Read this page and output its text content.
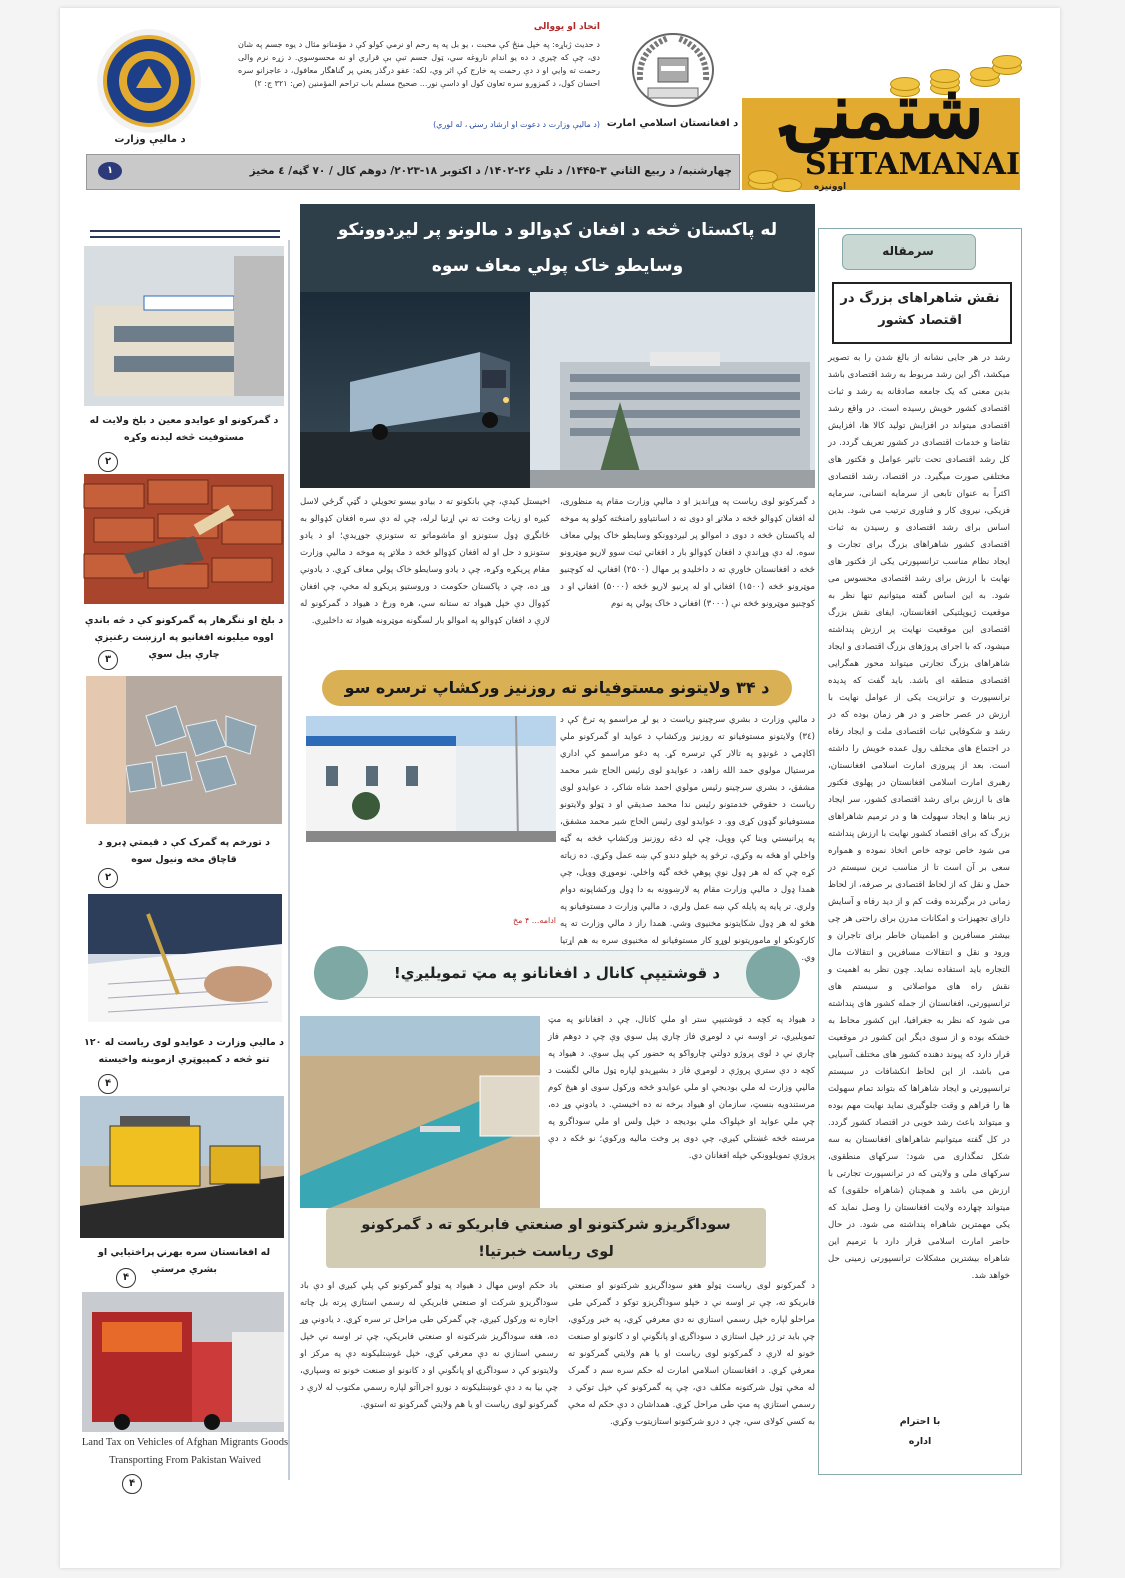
شتمنۍ
SHTAMANAI
اوونیزه
د افغانستان اسلامي امارت
اتحاد او یووالی
د حدیث ژباړه: په خپل منځ کې محبت ، یو بل په په رحم او نرمي کولو کې د مؤمنانو مثال د یوه جسم په شان دی، چې که چیري د ده یو اندام ناروغه سي، ټول جسم تبې بې قراري او نه محسوسوي. د زړه نرم والی رحمت ته وایي او د دې رحمت په خارج کې اثر وي، لکه: عفو درگذر یعني پر گناهگار معافول، د عاجزانو سره احسان کول، د کمزورو سره تعاون کول او داسې نور... صحیح مسلم باب تراحم المؤمنین (ص: ۳۲۱ ج: ۲)
(د مالیې وزارت د دعوت او ارشاد رسنۍ ، له لوري)
د مالیې وزارت
چهارشنبه/ د ربیع الثاني ۳-۱۴۴۵/ د تلې ۲۶-۱۴۰۲/ د اکتوبر ۱۸-۲۰۲۳/ دوهم کال / ۷۰ گڼه/ ٤ مخیز
۱
سرمقاله
نقش شاهراهای بزرگ در اقتصاد کشور
رشد در هر جایی نشانه از بالغ شدن را به تصویر میکشد، اگر این رشد مربوط به رشد اقتصادی باشد بدین معنی که یک جامعه صادقانه به رشد و ثبات اقتصادی کشور خویش رسیده است. در واقع رشد اقتصادی میتواند در افزایش تولید کالا ها، افزایش تقاضا و خدمات اقتصادی در کشور تعریف گردد. در کل رشد اقتصادی تحت تاثیر عوامل و فکتور های مختلفی صورت میگیرد. در اقتصاد، رشد اقتصادی اکثراً به عنوان تابعی از سرمایه انسانی، سرمایه فزیکی، نیروی کار و فناوری ترتیب می شود. بدین اساس برای رشد اقتصادی و رسیدن به ثبات اقتصادی کشور شاهراهای بزرگ برای تجارت و ایجاد نظام مناسب ترانسپورتی یکی از فکتور های نهایت با ارزش برای رشد اقتصادی محسوس می شود. به این اساس گفته میتوانیم تنها نظر به موقعیت ژیوپلتیکی افغانستان، ایفای نقش بزرگ اقتصادی این موقعیت نهایت پر ارزش پنداشته میشود، که با اجرای پروژهای بزرگ اقتصادی و ایجاد شاهراهای بزرگ تجارتی میتواند محور همگرایی اقتصادی منطقه ای باشد. باید گفت که پدیده ترانسپورت و ترانزیت یکی از عوامل نهایت با ارزش در عصر حاضر و در هر زمان بوده که در رشد و شکوفایی ثبات اقتصادی ملت و ایجاد رفاه در اجتماع های مختلف رول عمده خویش را داشته است. بعد از پیروزی امارت اسلامی افغانستان، رهبری امارت اسلامی افغانستان در پهلوی فکتور های با ارزش برای رشد اقتصادی کشور، سر ایجاد زیر بناها و ایجاد سهولت ها و در ترمیم شاهراهای بزرگ که برای اقتصاد کشور نهایت با ارزش پنداشته می شود خاص توجه خاص اتخاذ نموده و همواره سعی بر آن است تا از مناسب ترین سیستم در حمل و نقل که از لحاظ اقتصادی بر صرفه، از لحاظ زمانی در برگیرنده وقت کم و از دید رفاه و آسایش دارای تجهیزات و امکانات مدرن برای راحتی هر چی بیشتر مسافرین و اطمینان خاطر برای تاجران و ورود و نقل و انتقالات مسافرین و انتقالات مال التجاره باید استفاده نماید. چون نظر به اهمیت و نقش راه های مواصلاتی و سیستم های ترانسپورتی، افغانستان از جمله کشور های پنداشته می شود که نظر به جغرافیا، این کشور محاط به خشکه بوده و از سوی دیگر این کشور در موقعیت قرار دارد که پیوند دهنده کشور های مختلف آسیایی می باشد، از این لحاظ انکشافات در سیستم ترانسپورتی و ایجاد شاهراها که بتواند تمام سهولت ها را فراهم و وقت جلوگیری نماید نهایت مهم بوده و میتواند باعث رشد خوبی در اقتصاد کشور گردد. در کل گفته میتوانیم شاهراهای افغانستان به سه شکل تمگذاری می شود: سرکهای منطقوی، سرکهای ملی و ولایتی که در ترانسپورت تجارتی با ارزش می باشد و همچنان (شاهراه حلقوی) که میتواند چهارده ولایت افغانستان را وصل نماید که یکی مهمترین شاهراه پنداشته می شود. در حال حاضر امارت اسلامی قرار دارد با ترمیم این شاهراه بیشترین مشکلات ترانسپورتی زمینی حل خواهد شد.
با احترام
اداره
له پاکستان څخه د افغان کډوالو د مالونو پر لیږدوونکو وسایطو خاک پولي معاف سوه
د گمرکونو لوی ریاست په وړاندیز او د مالیې وزارت مقام په منظوری، له افغان کډوالو څخه د ملاتړ او دوی ته د اسانتیاوو رامنځته کولو په موخه له پاکستان څخه د دوی د اموالو پر لیږدوونکو وسایطو خاک پولي معاف سوه. له دې وړاندې د افغان کډوالو بار د افغاني ثبت سوو لاریو موټرونو څخه د افغانستان خاورې ته د داخلیدو پر مهال (۲۵۰۰) افغانۍ، له کوچنیو موټرونو څخه (۱۵۰۰) افغانۍ او له پرنیو لاریو څخه (۵۰۰۰) افغانۍ او د کوچنیو موټرونو څخه نې (۳۰۰۰) افغانۍ د خاک پولي په نوم
اخیستل کیدې، چې بانکونو ته د بیادو بیسو تحویلي د گټې گرځي لاسل کیږه او زیات وخت ته نې اړتیا لرله، چې له دې سره افغان کډوالو به ځانگړي ډول ستونزو او ماشوماتو ته ستونزې جوړیدې؛ او د یادو ستونزو د حل او له افغان کډوالو څخه د ملاتړ په موخه د مالیې وزارت مقام پریکړه وکړه، چې د یادو وسایطو خاک پولي معاف کړي. د یادونې وړ ده، چې د پاکستان حکومت د وروستیو پریکړو له مخې، چې افغان کډوال دې خپل هیواد ته ستانه سي، هره ورځ د هیواد د گمرکونو له لارې د افغان کډوالو په اموالو بار لسگونه موټرونه هیواد ته داخلیږي.
د ۳۴ ولایتونو مستوفیانو ته روزنیز ورکشاپ ترسره سو
د مالیې وزارت د بشري سرچینو ریاست د یو لړ مراسمو په ترڅ کې د (۳٤) ولایتونو مستوفیانو ته روزنیز ورکشاپ د عواید او گمرکونو ملي اکاډمۍ د غونډو په تالار کې ترسره کړ. په دغو مراسمو کې اداري مرستیال مولوي حمد الله زاهد، د عوایدو لوی رئیس الحاج شیر محمد مشفق، د بشري سرچینو رئیس مولوي احمد شاه شاکر، د عوایدو لوی ریاست د حقوقي خدمتونو رئیس ندا محمد صدیقي او د ټولو ولایتونو مستوفیانو گډون کړی وو. د عوایدو لوی رئیس الحاج شیر محمد مشفق، په پرانیستي وینا کې وویل، چې له دغه روزنیز ورکشاپ څخه به گټه واخلي او هڅه به وکړي، ترڅو په خپلو دندو کې ښه عمل وکړي. ده زیاته کړه چې که له هر ډول نوې پوهې څخه گټه واخلي. نوموړي وویل، چې همدا ډول د مالیې وزارت مقام په لارښوونه به دا ډول ورکشاپونه دوام ولري. تر پایه په پایله کې ښه عمل ولري، د مالیې وزارت د مستوفیانو په هڅو له هر ډول شکایتونو مخنیوی وشي. همدا راز د مالي وزارت ته په کارکونکو او ماموریتونو لوړو کار مستوفیانو له مخنیوی سره به هم اړتیا وي.
ادامه... ۴ مخ
د قوشتیپې کانال د افغانانو په مټ تمویلیږي!
د هیواد په کچه د قوشتیپې ستر او ملي کانال، چې د افغانانو په مټ تمویلیږي، تر اوسه نې د لومړي فاز چاري پیل سوي وې چې د دوهم فاز چاري نې د لوی پروژو دولتي چارواکو په حضور کې پیل سوې. د هیواد په کچه د دې ستري پروژې د لومړي فاز د بشپړیدو لپاره ټول مالي لگښت د مالیې وزارت له ملي بودیجې او ملي عوایدو څخه ورکول سوی او هیڅ کوم مرستندویه بنسټ، سازمان او هیواد برخه نه ده اخیستې. د یادونې وړ ده، چې ملي عواید او خپلواک ملي بودیجه د خپل ولس او ملي سوداگرو په مرسته څخه غښتلي کیږي، چې دوی پر وخت مالیه ورکوي؛ نو څکه د دې پروژې تمویلوونکي خپله افغانان دي.
سوداگریزو شرکتونو او صنعتي فابریکو ته د گمرکونو لوی ریاست خبرتیا!
د گمرکونو لوی ریاست ټولو هغو سوداگریزو شرکتونو او صنعتي فابریکو ته، چې تر اوسه نې د خپلو سوداگریزو توکو د گمرکي طی مراحلو لپاره خپل رسمي استازي نه دي معرفي کړي، په خبر ورکوي، چې بايد تر ژر خپل استازي د سوداگرۍ او پانگونې او د کانونو او صنعت خونو له لارې د گمرکونو لوی ریاست او یا هم ولایتي گمرکونو ته معرفي کړي. د افغانستان اسلامي امارت له حکم سره سم د گمرک له مخې ټول شرکتونه مکلف دي، چې په گمرکونو کې خپل توکي د رسمي استازي په مټ طی مراحل کړي. همداشان د دې حکم له مخې به کسي کولای سي، چې د درو شرکتونو استازیتوب وکړي.
باد حکم اوس مهال د هیواد په ټولو گمرکونو کې پلي کیږي او دې باد سوداگریزو شرکت او صنعتي فابریکې له رسمي استازي پرته بل چاته اجازه نه ورکول کیږي، چې گمرکي طی مراحل تر سره کړي. د یادونې وړ ده، هغه سوداگریز شرکتونه او صنعتي فابریکې، چې تر اوسه نې خپل رسمي استازي نه دې معرفي کړي، خپل غوښتلیکونه دې په مرکز او ولایتونو کې د سوداگرۍ او پانگونې او د کانونو او صنعت خونو ته وسپاري، چې بیا به د دې غوښتلیکونه د نورو اجراآتو لپاره رسمي مکتوب له لارې د گمرکونو لوی ریاست او یا هم ولایتي گمرکونو ته استوي.
د گمرکونو او عوایدو معین د بلخ ولایت له مستوفیت څخه لیدنه وکړه
۲
د بلخ او ننگرهار په گمرکونو کې د څه باندې اووه میلیونه افغانیو په ارزښت رغنیزې چارې پیل سوې
۳
د تورخم په گمرک کې د قیمتي ډبرو د قاچاق مخه ونیول سوه
۲
د مالیې وزارت د عوایدو لوی ریاست له ۱۲۰ تنو څخه د کمپیوټري ازموینه واخیسته
۴
له افغانستان سره بهرنۍ پراختیایي او بشري مرستې
۴
Land Tax on Vehicles of Afghan Migrants Goods Transporting From Pakistan Waived
۴
